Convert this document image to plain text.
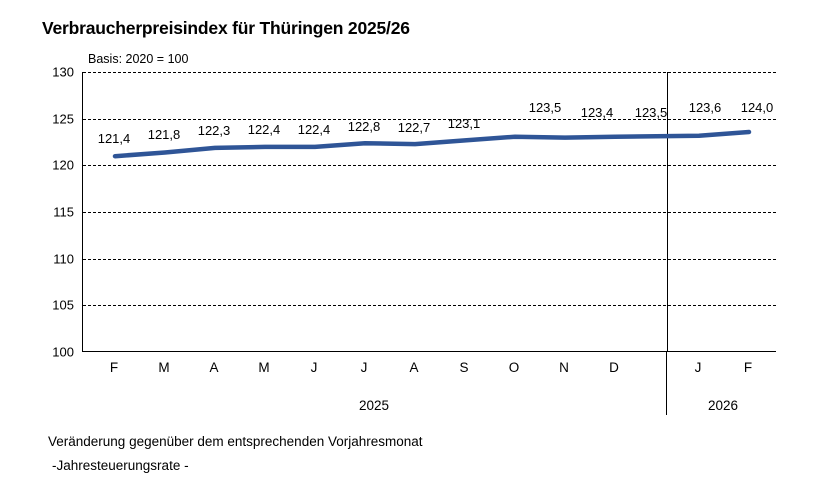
Verbraucherpreisindex für Thüringen 2025/26
Basis: 2020 = 100
130
125
120
115
110
105
100
121,4 121,8 122,3 122,4 122,4 122,8 122,7 123,1
123,5 123,4 123,5 123,6 124,0
F	M	A	M	J	J	A	S	O	N	D	J	F
2025	2026
Veränderung gegenüber dem entsprechenden Vorjahresmonat
-Jahresteuerungsrate -
